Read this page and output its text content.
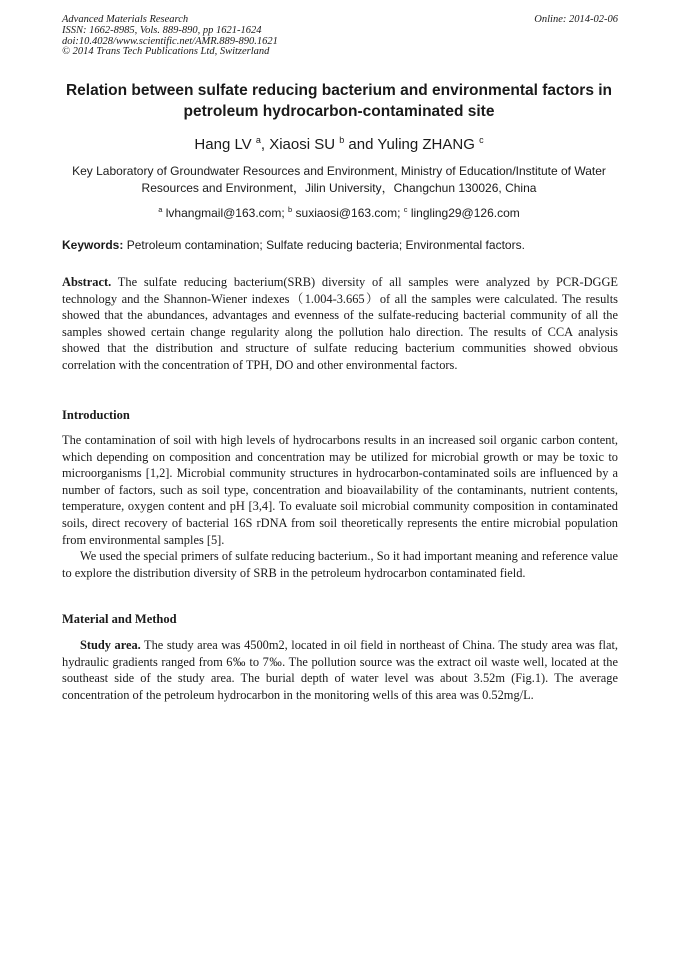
Advanced Materials Research
ISSN: 1662-8985, Vols. 889-890, pp 1621-1624
doi:10.4028/www.scientific.net/AMR.889-890.1621
© 2014 Trans Tech Publications Ltd, Switzerland
Online: 2014-02-06
Relation between sulfate reducing bacterium and environmental factors in petroleum hydrocarbon-contaminated site
Hang LV $^a$, Xiaosi SU $^b$ and Yuling ZHANG $^c$
Key Laboratory of Groundwater Resources and Environment, Ministry of Education/Institute of Water Resources and Environment，Jilin University，Changchun 130026, China
$^a$ lvhangmail@163.com; $^b$ suxiaosi@163.com; $^c$ lingling29@126.com
Keywords: Petroleum contamination; Sulfate reducing bacteria; Environmental factors.
Abstract. The sulfate reducing bacterium(SRB) diversity of all samples were analyzed by PCR-DGGE technology and the Shannon-Wiener indexes（1.004-3.665）of all the samples were calculated. The results showed that the abundances, advantages and evenness of the sulfate-reducing bacterial community of all the samples showed certain change regularity along the pollution halo direction. The results of CCA analysis showed that the distribution and structure of sulfate reducing bacterium communities showed obvious correlation with the concentration of TPH, DO and other environmental factors.
Introduction

The contamination of soil with high levels of hydrocarbons results in an increased soil organic carbon content, which depending on composition and concentration may be utilized for microbial growth or may be toxic to microorganisms [1,2]. Microbial community structures in hydrocarbon-contaminated soils are influenced by a number of factors, such as soil type, concentration and bioavailability of the contaminants, nutrient contents, temperature, oxygen content and pH [3,4]. To evaluate soil microbial community composition in contaminated soils, direct recovery of bacterial 16S rDNA from soil theoretically represents the entire microbial population from environmental samples [5].

We used the special primers of sulfate reducing bacterium., So it had important meaning and reference value to explore the distribution diversity of SRB in the petroleum hydrocarbon contaminated field.

Material and Method

Study area. The study area was 4500m2, located in oil field in northeast of China. The study area was flat, hydraulic gradients ranged from 6‰ to 7‰. The pollution source was the extract oil waste well, located at the southeast side of the study area. The burial depth of water level was about 3.52m (Fig.1). The average concentration of the petroleum hydrocarbon in the monitoring wells of this area was 0.52mg/L.
